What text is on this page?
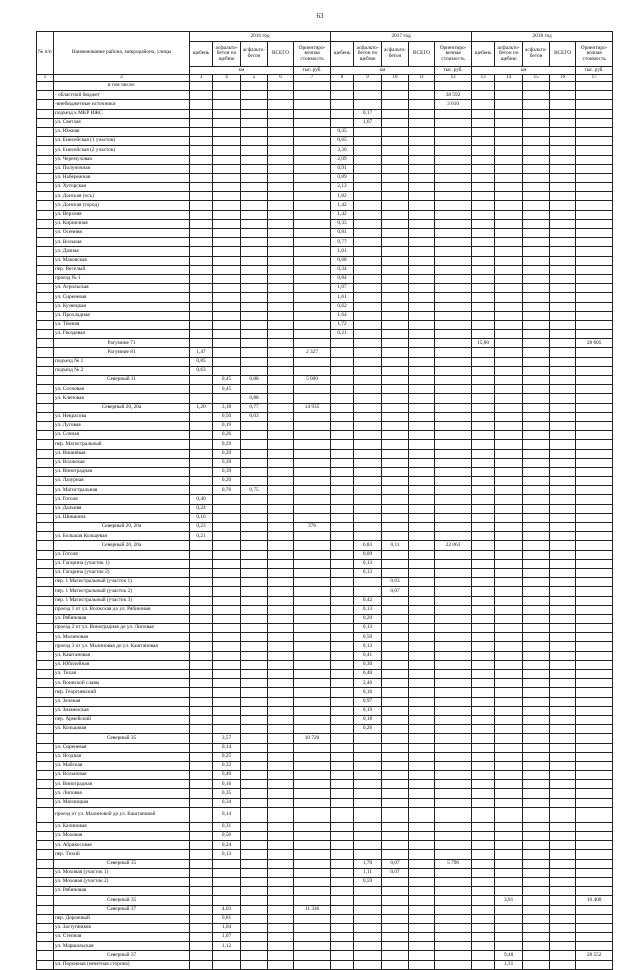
63
№ п/п	Наименование района, микрорайона, улицы	2016 год					2017 год					2018 год				
		щебень	асфальто-бетон по щебню	асфальто-бетон	ВСЕГО	Ориентиро-вочная стоимость	щебень	асфальто-бетон по щебню	асфальто-бетон	ВСЕГО	Ориентиро-вочная стоимость	щебень	асфальто-бетон по щебню	асфальто-бетон	ВСЕГО	Ориентиро-вочная стоимость
		км				тыс. руб.	км				тыс. руб.	км				тыс. руб.
1	2	3	4	5	6	7	8	9	10	11	12	13	14	15	16	17
	в том числе:															
	- областной бюджет										38 592					
	-внебюджетные источники										3 610					
	подъезд к МКР ИЖС							0,17								
	ул. Светлая							1,67								
	ул. Южная						0,35									
	ул. Енисейская (1 участок)						0,65									
	ул. Енисейская (2 участок)						3,30									
	ул. Черемуховая						2,09									
	ул. Полуночная						0,91									
	ул. Набережная						0,89									
	ул. Хуторская						2,13									
	ул. Донская (ось)						1,82									
	ул. Донская (город)						1,42									
	ул. Верхняя						1,42									
	ул. Кирпичная						0,33									
	ул. Осенняя						0,81									
	ул. Вольная						0,77									
	ул. Дачная						1,01									
	ул. Маковская						0,68									
	пер. Веселый						0,34									
	проезд № 1						0,84									
	ул. Агрольская						1,07									
	ул. Сиреневая						1,61									
	ул. Кузнецкая						0,62									
	ул. Прохладная						1,64									
	ул. Тёмная						1,72									
	ул. Гвоздевая						0,21									
	Рагумние 71											15,00				28 605
	Рагумние 81	1,47				2 327										
	подъезд № 1	0,85														
	подъезд № 2	0,63														
	Северный 11		0,45	0,88		5 000										
	ул. Сосновая		0,45													
	ул. Кленовая			0,88												
	Северный 20, 20а	1,20	3,18	0,77		14 935										
	ул. Некрасова		0,50	0,03												
	ул. Луговая		0,19													
	ул. Сочная		0,26													
	пер. Магистральный		0,29													
	ул. Вишнёвая		0,29													
	ул. Волжская		0,30													
	ул. Виноградная		0,39													
	ул. Лазурная		0,20													
	ул. Магистральная		0,76	0,75												
	ул. Гоголя	0,40														
	ул. Дальняя	0,24														
	ул. Шишкина	0,16														
	Северный 20, 20а	0,23				376										
	ул. Большая Кольцевая	0,21														
	Северный 20, 20а							6,83	0,11		22 063					
	ул. Гоголя							0,09								
	ул. Гагарина (участок 1)							0,13								
	ул. Гагарина (участок 2)							0,13								
	пер. 1 Магистральный (участок 1)								0,03							
	пер. 1 Магистральный (участок 2)								0,07							
	пер. 1 Магистральный (участок 3)							0,42								
	проезд 1 от ул. Волжская до ул. Рябиновая							0,13								
	ул. Рябиновая							0,20								
	проезд 2 от ул. Виноградная до ул. Липовая							0,13								
	ул. Малиновая							0,50								
	проезд 3 от ул. Малиновая до ул. Каштановая							0,13								
	ул. Каштановая							0,41								
	ул. Юбилейная							0,30								
	ул. Тихая							0,40								
	ул. Воинской славы							2,40								
	пер. Георгиевский							0,16								
	ул. Зеленая							0,97								
	ул. Знаменская							0,19								
	пер. Армейский							0,18								
	ул. Кольцовая							0,26								
	Северный 35		3,57			10 720										
	ул. Сиреневая		0,14													
	ул. Ягодная		0,25													
	ул. Майская		0,33													
	ул. Вольновая		0,40													
	ул. Виноградная		0,16													
	ул. Липовая		0,35													
	ул. Мясницкая		0,34													
	проезд от ул. Малиновой до ул. Каштановой		0,14													
	ул. Калиновая		0,31													
	ул. Моховая		0,56													
	ул. Абрикосовая		0,24													
	пер. Тихий		0,13													
	Северный 35							1,70	0,07		5 796					
	ул. Моховая (участок 1)							1,11	0,07							
	ул. Моховая (участок 2)							0,59								
	ул. Рябиновая															
	Северный 35												3,91			10 400
	Северный 37		4,03			11 336										
	пер. Дорожный		0,81													
	ул. Заступников		1,04													
	ул. Степная		1,07													
	ул. Маршальская		1,12													
	Северный 37												9,48			28 552
	ул. Порожная (нечетная сторона)												1,31			
